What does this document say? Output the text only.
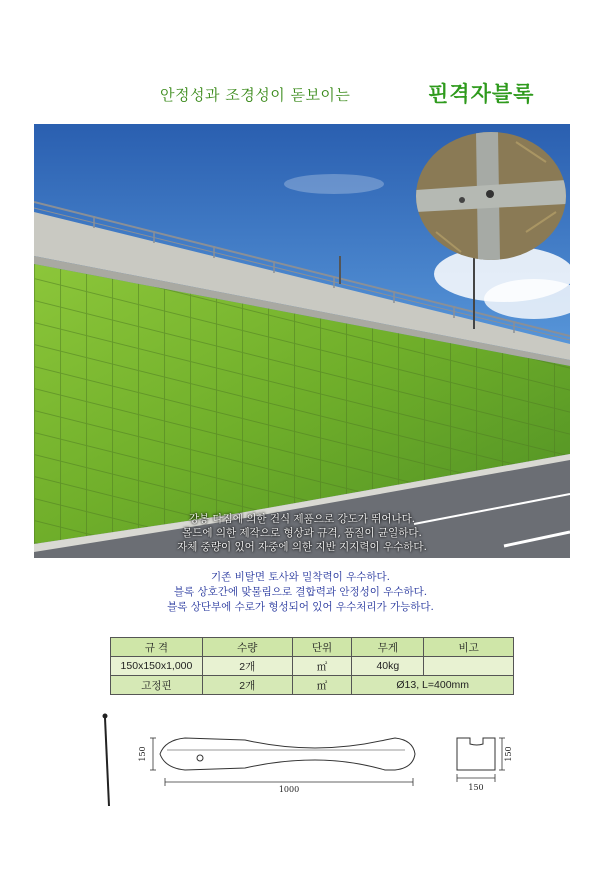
안정성과 조경성이 돋보이는	핀격자블록
강봉 다짐에 의한 건식 제품으로 강도가 뛰어나다.
몰드에 의한 제작으로 형상과 규격, 품질이 균일하다.
자체 중량이 있어 자중에 의한 지반 지지력이 우수하다.
기존 비탈면 토사와 밀착력이 우수하다.
블록 상호간에 맞물림으로 결합력과 안정성이 우수하다.
블록 상단부에 수로가 형성되어 있어 우수처리가 가능하다.
규 격	수량	단위	무게	비고
150x150x1,000	2개	㎡	40kg	
고정핀	2개	㎡	Ø13, L=400mm	
150
1000
150
150
